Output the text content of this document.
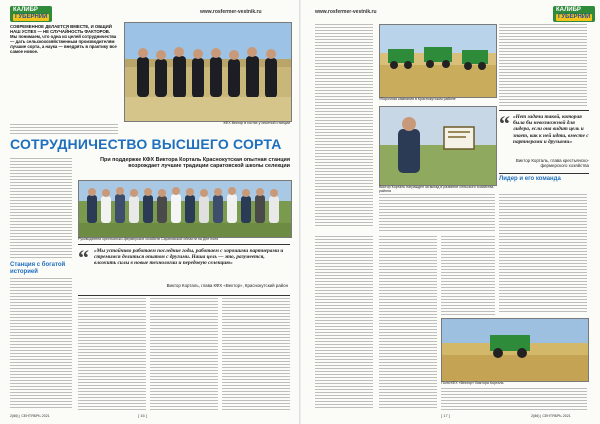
КАЛИБР
ГУБЕРНИИ
www.rosfermer-vestnik.ru
СОВРЕМЕННОЕ ДЕЛАЕТСЯ ВМЕСТЕ, И ОБЩИЙ НАШ УСПЕХ — НЕ СЛУЧАЙНОСТЬ ФАКТОРОВ. Мы понимаем, что одна из целей сотрудничества — дать сельскохозяйственным производителям лучшие сорта, а наука — внедрять в практику все самое новое.
КФХ Вектор в гостях у опытной станции
СОТРУДНИЧЕСТВО ВЫСШЕГО СОРТА
При поддержке КФХ Виктора Корталь Краснокутская опытная станция возрождает лучшие традиции саратовской школы селекции
Руководители крестьянско-фермерских хозяйств Саратовской области на Дне поля
“ «Мы устойчиво работаем последние годы, работаем с хорошими партнерами и стремимся делиться опытом с другими. Наша цель — это, разумеется, вложить силы в новые технологии и передовую селекцию»
Виктор Корталь, глава КФХ «Вектор», Краснокутский район
Станция с богатой историей
2(86) | СЕНТЯБРЬ 2021	[ 16 ]
www.rosfermer-vestnik.ru	КАЛИБР
ГУБЕРНИИ
Уборочная кампания в Краснокутском районе
“ «Нет задачи такой, которая была бы невозможной для лидера, если она видит цель и знает, как к ней идти, вместе с партнерами и друзьями»
Виктор Корталь, глава крестьянско-фермерского хозяйства
Виктор Корталь награжден за вклад в развитие сельского хозяйства района
Лидер и его команда
Поля КФХ «Вектор» Виктора Корталь
[ 17 ]	2(86) | СЕНТЯБРЬ 2021
